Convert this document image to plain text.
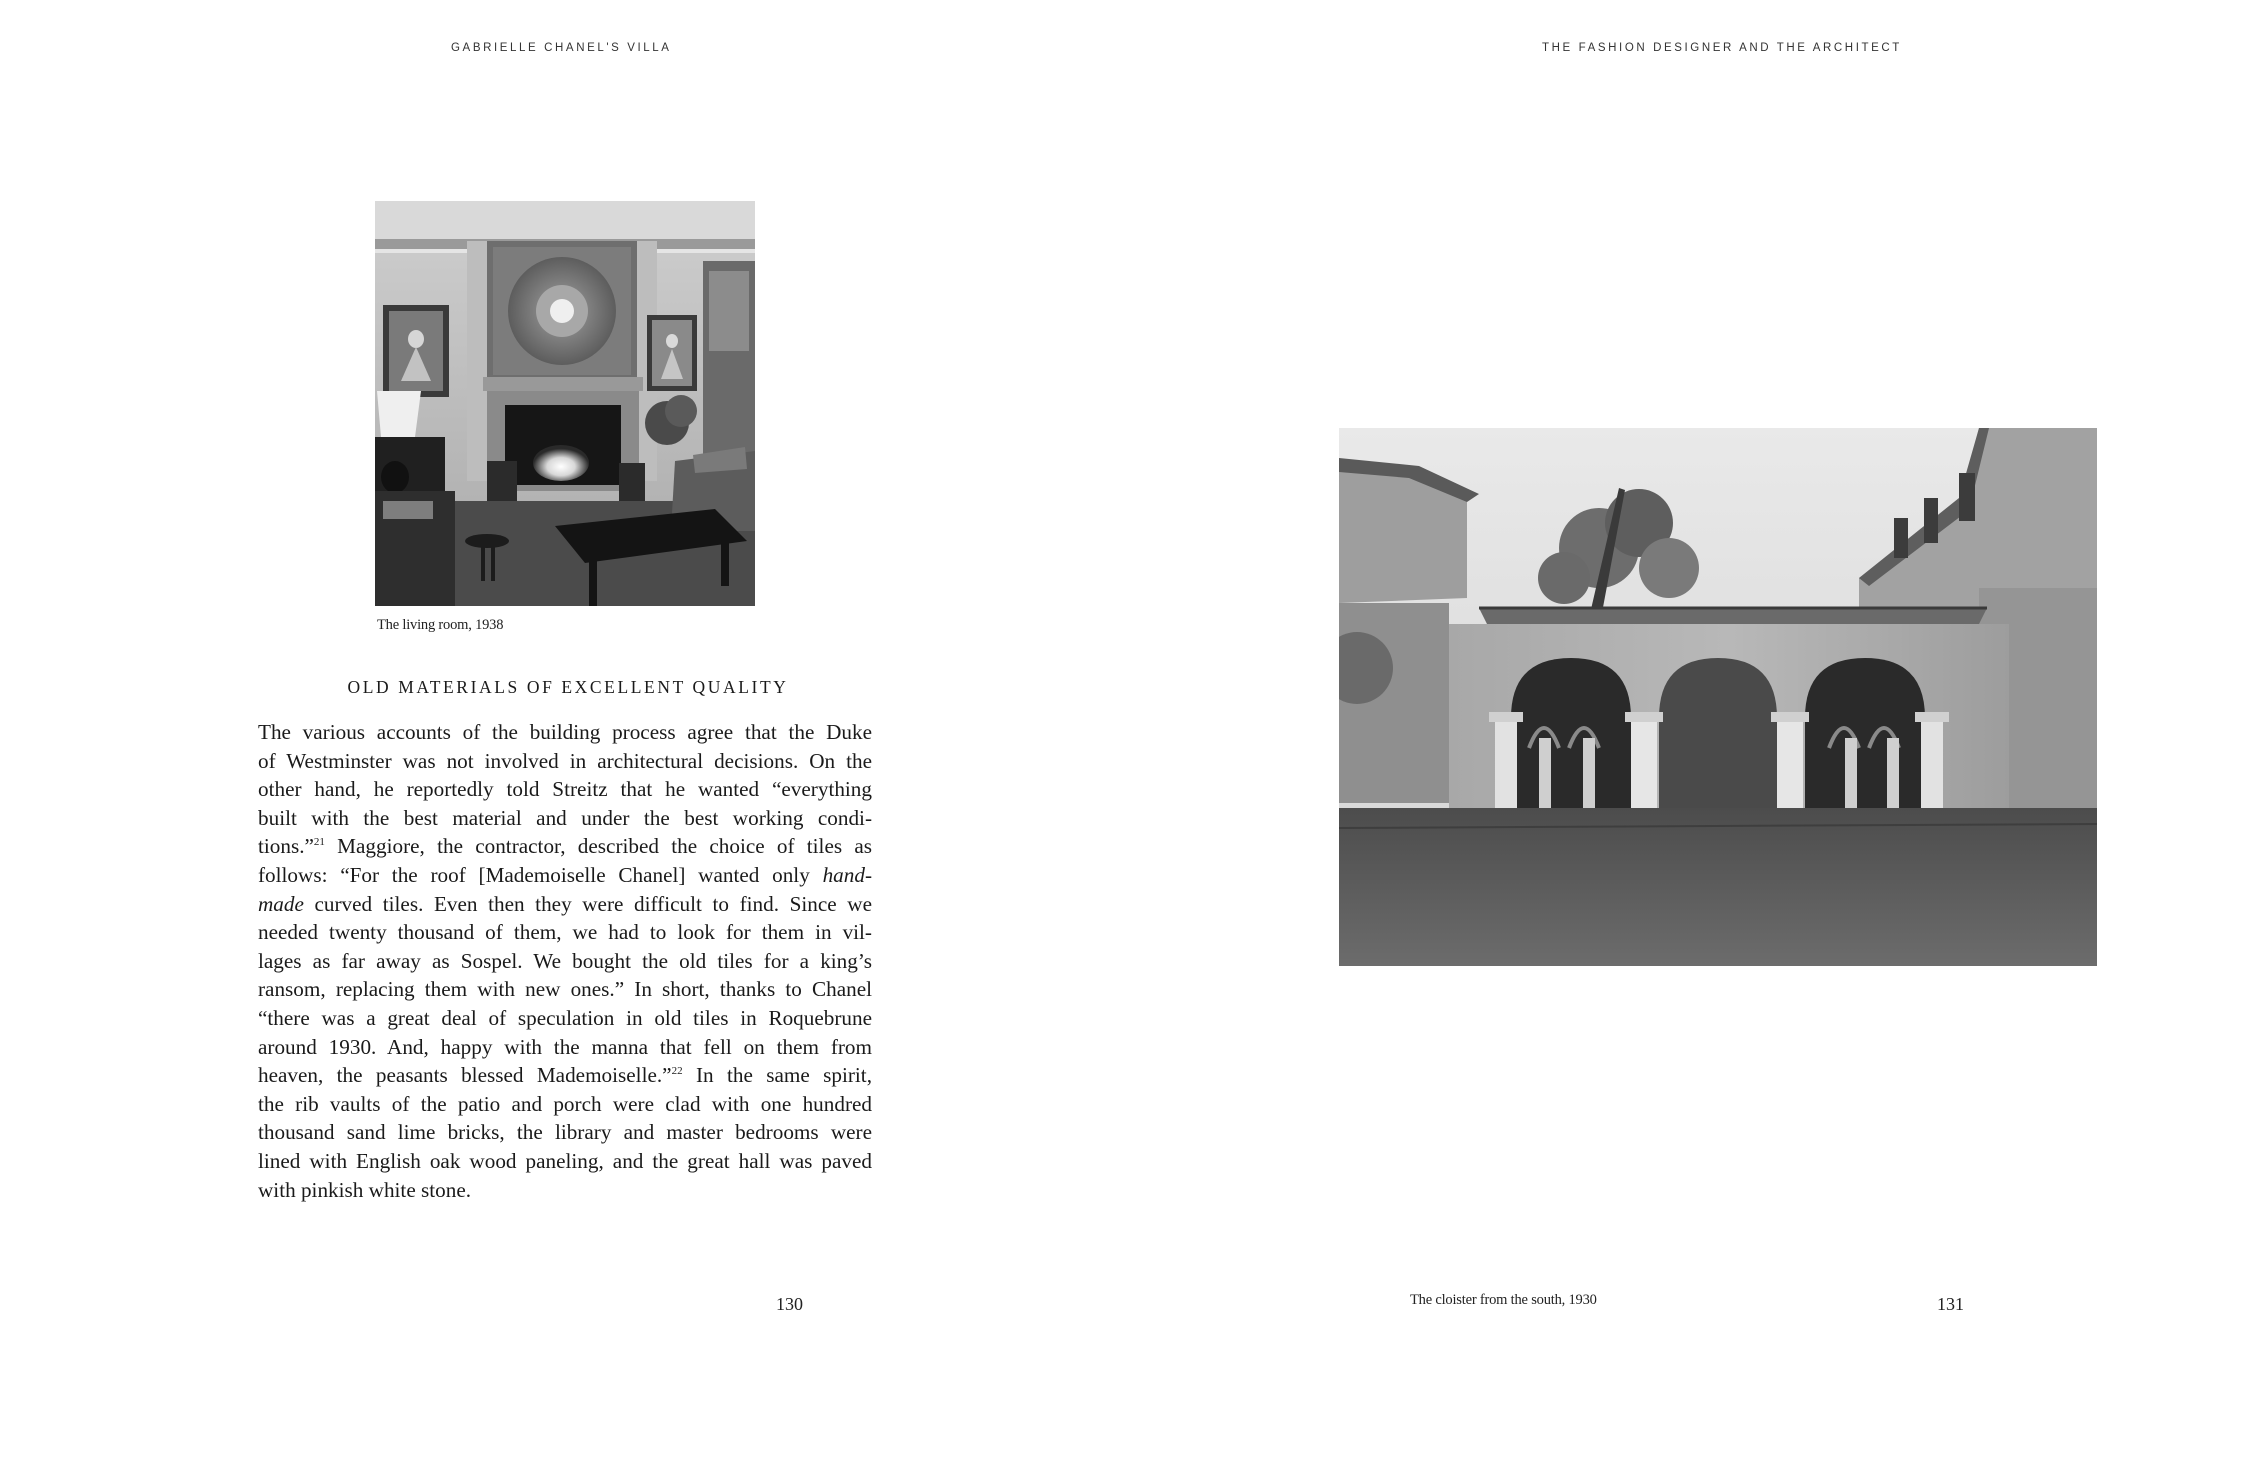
GABRIELLE CHANEL'S VILLA
The living room, 1938
OLD MATERIALS OF EXCELLENT QUALITY
The various accounts of the building process agree that the Duke
of Westminster was not involved in architectural decisions. On the
other hand, he reportedly told Streitz that he wanted “everything
built with the best material and under the best working condi-
tions.”$^{21}$ Maggiore, the contractor, described the choice of tiles as
follows: “For the roof [Mademoiselle Chanel] wanted only hand-
made curved tiles. Even then they were difficult to find. Since we
needed twenty thousand of them, we had to look for them in vil-
lages as far away as Sospel. We bought the old tiles for a king’s
ransom, replacing them with new ones.” In short, thanks to Chanel
“there was a great deal of speculation in old tiles in Roquebrune
around 1930. And, happy with the manna that fell on them from
heaven, the peasants blessed Mademoiselle.”$^{22}$ In the same spirit,
the rib vaults of the patio and porch were clad with one hundred
thousand sand lime bricks, the library and master bedrooms were
lined with English oak wood paneling, and the great hall was paved
with pinkish white stone.
130
THE FASHION DESIGNER AND THE ARCHITECT
The cloister from the south, 1930	131
